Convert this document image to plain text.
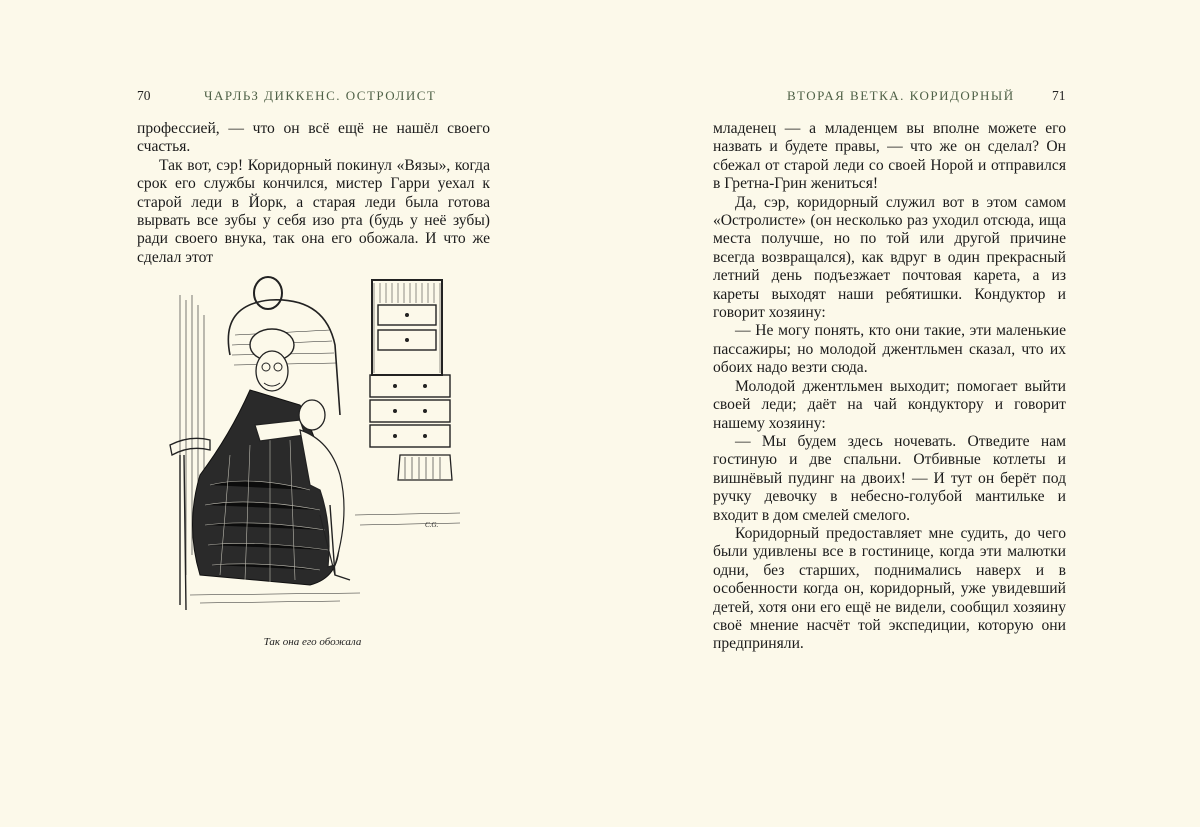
70	ЧАРЛЬЗ ДИККЕНС. ОСТРОЛИСТ

профессией, — что он всё ещё не нашёл своего счастья.

Так вот, сэр! Коридорный покинул «Вязы», когда срок его службы кончился, мистер Гарри уехал к старой леди в Йорк, а старая леди была готова вырвать все зубы у себя изо рта (будь у неё зубы) ради своего внука, так она его обожала. И что же сделал этот

C.G.
Так она его обожала
ВТОРАЯ ВЕТКА. КОРИДОРНЫЙ	71

младенец — а младенцем вы вполне можете его назвать и будете правы, — что же он сделал? Он сбежал от старой леди со своей Норой и отправился в Гретна-Грин жениться!

Да, сэр, коридорный служил вот в этом самом «Остролисте» (он несколько раз уходил отсюда, ища места получше, но по той или другой причине всегда возвращался), как вдруг в один прекрасный летний день подъезжает почтовая карета, а из кареты выходят наши ребятишки. Кондуктор и говорит хозяину:

— Не могу понять, кто они такие, эти маленькие пассажиры; но молодой джентльмен сказал, что их обоих надо везти сюда.

Молодой джентльмен выходит; помогает выйти своей леди; даёт на чай кондуктору и говорит нашему хозяину:

— Мы будем здесь ночевать. Отведите нам гостиную и две спальни. Отбивные котлеты и вишнёвый пудинг на двоих! — И тут он берёт под ручку девочку в небесно-голубой мантильке и входит в дом смелей смелого.

Коридорный предоставляет мне судить, до чего были удивлены все в гостинице, когда эти малютки одни, без старших, поднимались наверх и в особенности когда он, коридорный, уже увидевший детей, хотя они его ещё не видели, сообщил хозяину своё мнение насчёт той экспедиции, которую они предприняли.
